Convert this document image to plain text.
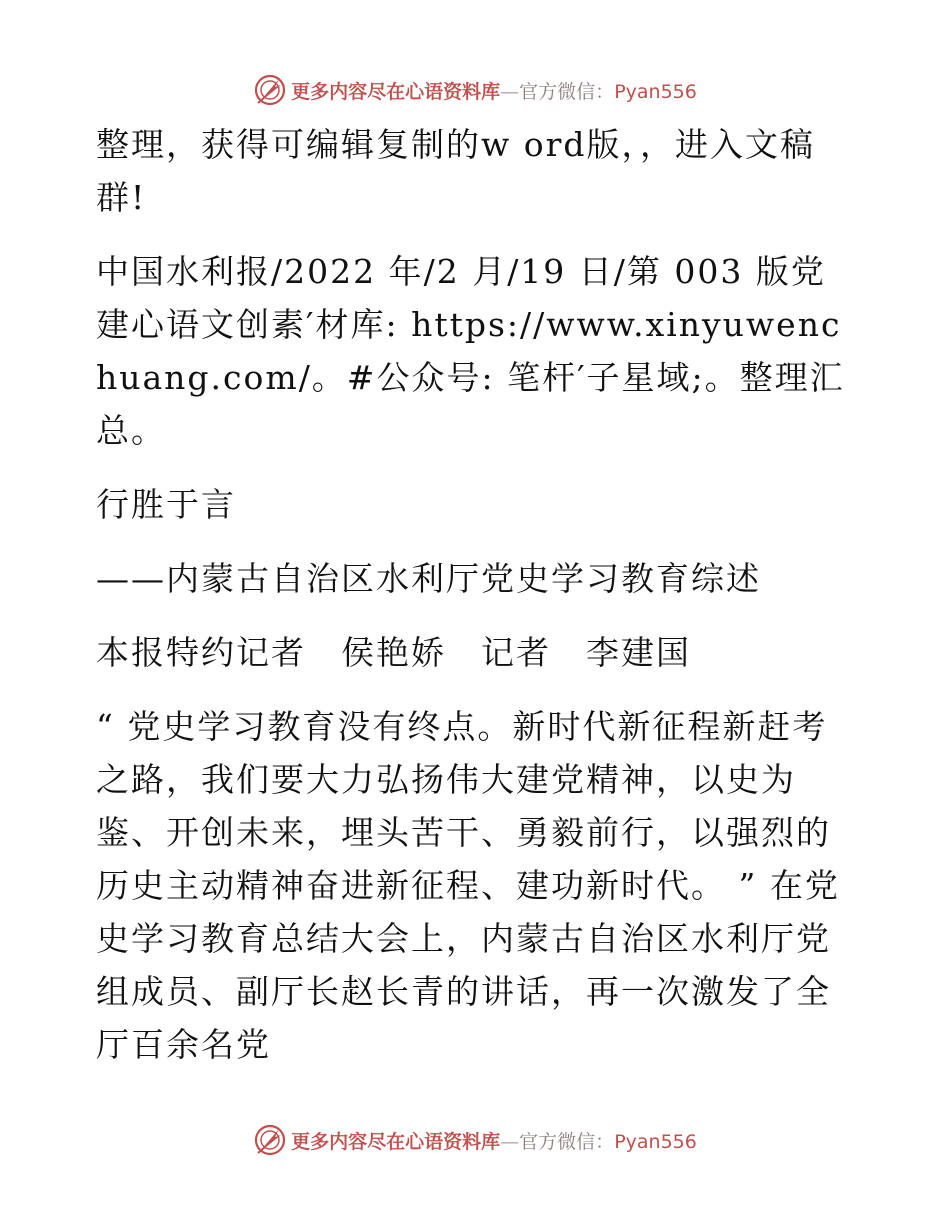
更多内容尽在心语资料库—官方微信：Pyan556

整理，获得可编辑复制的w ord版，，进入文稿群!

中国水利报/2022 年/2 月/19 日/第 003 版党建心语文创素′材库: https://www.xinyuwenchuang.com/。#公众号: 笔杆′子星域;。整理汇总。

行胜于言

——内蒙古自治区水利厅党史学习教育综述

本报特约记者　侯艳娇　记者　李建国

“ 党史学习教育没有终点。新时代新征程新赶考之路，我们要大力弘扬伟大建党精神，以史为鉴、开创未来，埋头苦干、勇毅前行，以强烈的历史主动精神奋进新征程、建功新时代。 ” 在党史学习教育总结大会上，内蒙古自治区水利厅党组成员、副厅长赵长青的讲话，再一次激发了全厅百余名党

更多内容尽在心语资料库—官方微信：Pyan556
